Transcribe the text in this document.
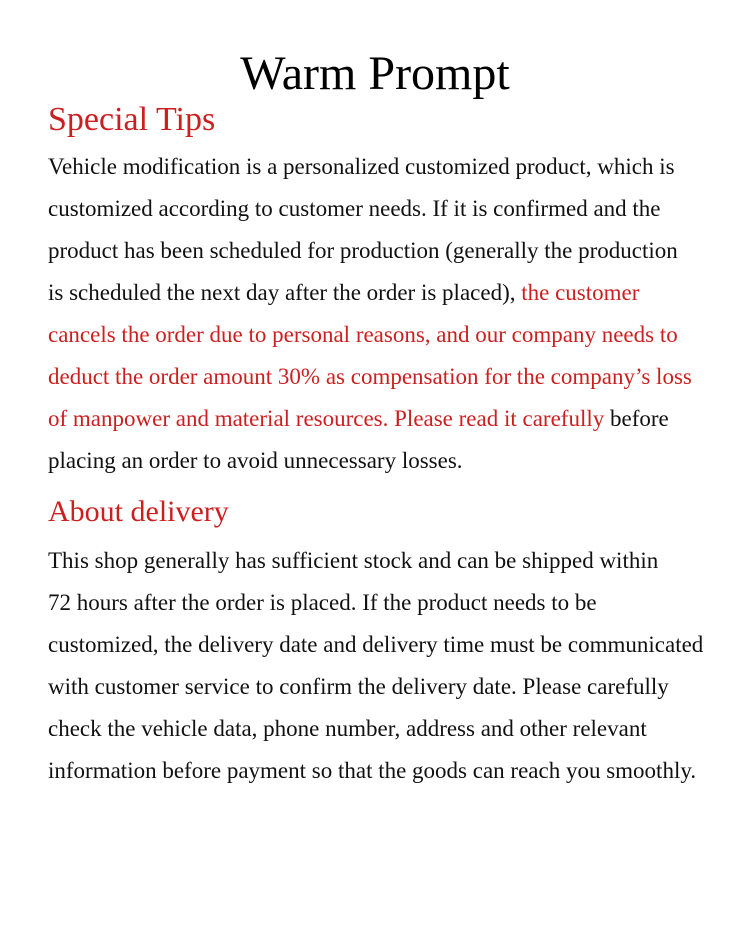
Warm Prompt
Special Tips
Vehicle modification is a personalized customized product, which is
customized according to customer needs. If it is confirmed and the
product has been scheduled for production (generally the production
is scheduled the next day after the order is placed), the customer
cancels the order due to personal reasons, and our company needs to
deduct the order amount 30% as compensation for the company’s loss
of manpower and material resources. Please read it carefully before
placing an order to avoid unnecessary losses.
About delivery
This shop generally has sufficient stock and can be shipped within
72 hours after the order is placed. If the product needs to be
customized, the delivery date and delivery time must be communicated
with customer service to confirm the delivery date. Please carefully
check the vehicle data, phone number, address and other relevant
information before payment so that the goods can reach you smoothly.
